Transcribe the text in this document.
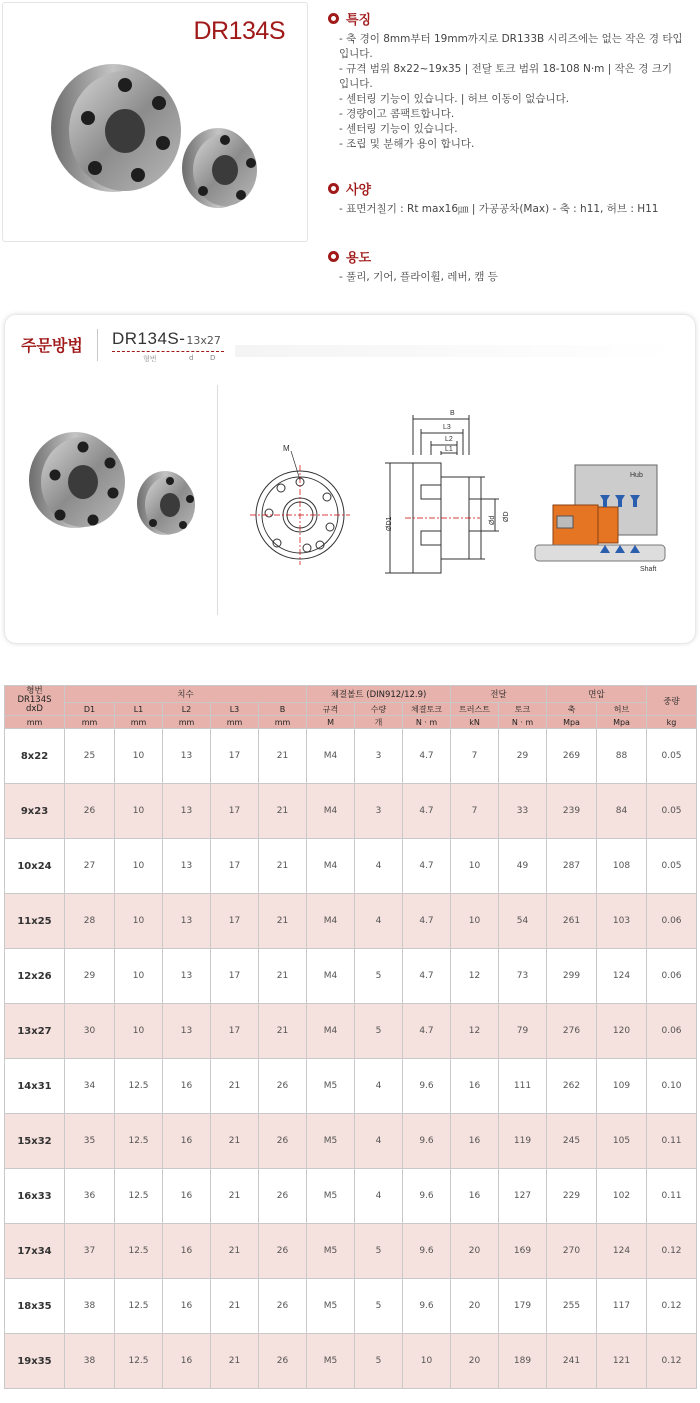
DR134S	특징
- 축 경이 8mm부터 19mm까지로 DR133B 시리즈에는 없는 작은 경 타입
입니다.
- 규격 범위 8x22~19x35 | 전달 토크 범위 18-108 N·m | 작은 경 크기
입니다.
- 센터링 기능이 있습니다. | 허브 이동이 없습니다.
- 경량이고 콤팩트합니다.
- 센터링 기능이 있습니다.
- 조립 및 분해가 용이 합니다.
사양
- 표면거칠기 : Rt max16㎛ | 가공공차(Max) - 축 : h11, 허브 : H11
용도
- 풀리, 기어, 플라이휠, 레버, 캠 등
주문방법 DR134S- 13x27
형번	d D
M
B
L3
L2
L1
ØD1	Ød ØD
Hub
Shaft
형번
DR134S
dxD	치수					체결볼트 (DIN912/12.9)			전달		면압		중량
	D1	L1	L2	L3	B	규격	수량	체결토크	트러스트	토크	축	허브	
mm	mm	mm	mm	mm	mm	M	개	N · m	kN	N · m	Mpa	Mpa	kg
8x22	25	10	13	17	21	M4	3	4.7	7	29	269	88	0.05
9x23	26	10	13	17	21	M4	3	4.7	7	33	239	84	0.05
10x24	27	10	13	17	21	M4	4	4.7	10	49	287	108	0.05
11x25	28	10	13	17	21	M4	4	4.7	10	54	261	103	0.06
12x26	29	10	13	17	21	M4	5	4.7	12	73	299	124	0.06
13x27	30	10	13	17	21	M4	5	4.7	12	79	276	120	0.06
14x31	34	12.5	16	21	26	M5	4	9.6	16	111	262	109	0.10
15x32	35	12.5	16	21	26	M5	4	9.6	16	119	245	105	0.11
16x33	36	12.5	16	21	26	M5	4	9.6	16	127	229	102	0.11
17x34	37	12.5	16	21	26	M5	5	9.6	20	169	270	124	0.12
18x35	38	12.5	16	21	26	M5	5	9.6	20	179	255	117	0.12
19x35	38	12.5	16	21	26	M5	5	10	20	189	241	121	0.12
